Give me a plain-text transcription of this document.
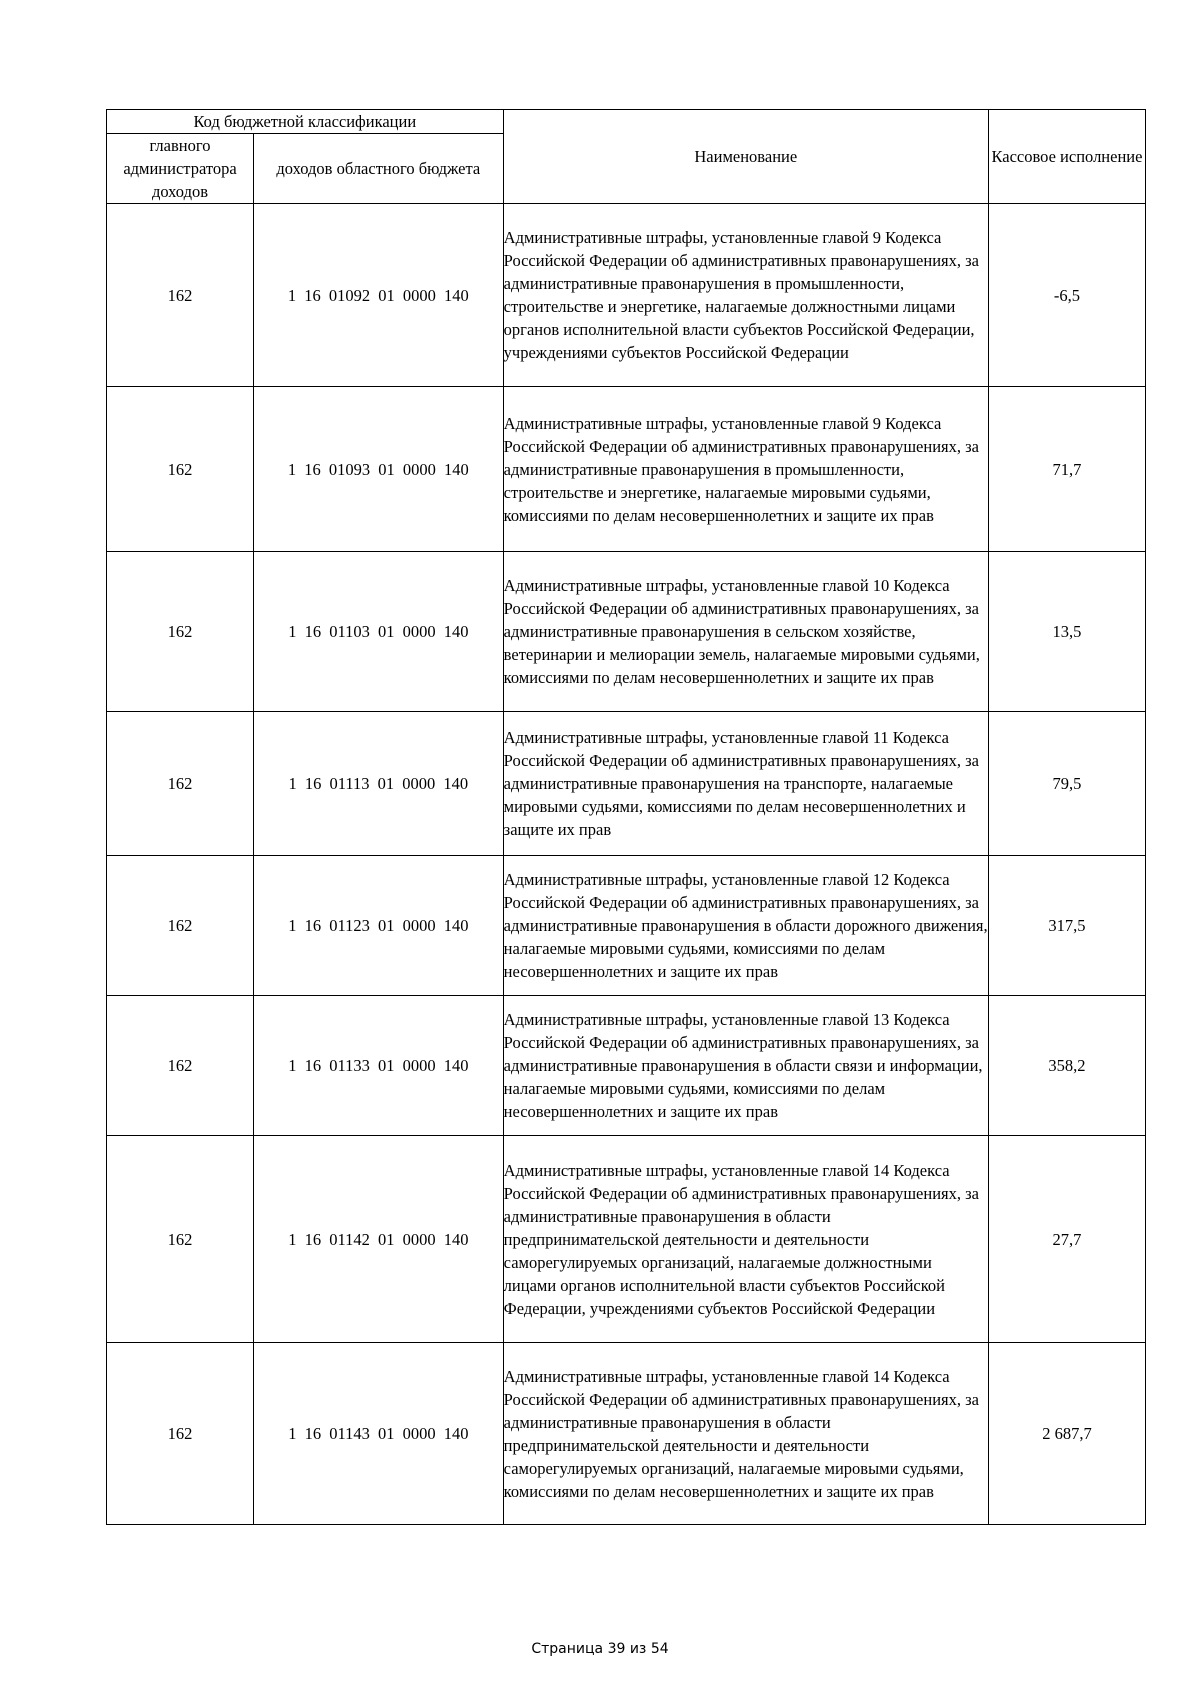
Код бюджетной классификации		Наименование	Кассовое исполнение
главного администратора доходов	доходов областного бюджета		
162	1 16 01092 01 0000 140	Административные штрафы, установленные главой 9 Кодекса Российской Федерации об административных правонарушениях, за административные правонарушения в промышленности, строительстве и энергетике, налагаемые должностными лицами органов исполнительной власти субъектов Российской Федерации, учреждениями субъектов Российской Федерации	-6,5
162	1 16 01093 01 0000 140	Административные штрафы, установленные главой 9 Кодекса Российской Федерации об административных правонарушениях, за административные правонарушения в промышленности, строительстве и энергетике, налагаемые мировыми судьями, комиссиями по делам несовершеннолетних и защите их прав	71,7
162	1 16 01103 01 0000 140	Административные штрафы, установленные главой 10 Кодекса Российской Федерации об административных правонарушениях, за административные правонарушения в сельском хозяйстве, ветеринарии и мелиорации земель, налагаемые мировыми судьями, комиссиями по делам несовершеннолетних и защите их прав	13,5
162	1 16 01113 01 0000 140	Административные штрафы, установленные главой 11 Кодекса Российской Федерации об административных правонарушениях, за административные правонарушения на транспорте, налагаемые мировыми судьями, комиссиями по делам несовершеннолетних и защите их прав	79,5
162	1 16 01123 01 0000 140	Административные штрафы, установленные главой 12 Кодекса Российской Федерации об административных правонарушениях, за административные правонарушения в области дорожного движения, налагаемые мировыми судьями, комиссиями по делам несовершеннолетних и защите их прав	317,5
162	1 16 01133 01 0000 140	Административные штрафы, установленные главой 13 Кодекса Российской Федерации об административных правонарушениях, за административные правонарушения в области связи и информации, налагаемые мировыми судьями, комиссиями по делам несовершеннолетних и защите их прав	358,2
162	1 16 01142 01 0000 140	Административные штрафы, установленные главой 14 Кодекса Российской Федерации об административных правонарушениях, за административные правонарушения в области предпринимательской деятельности и деятельности саморегулируемых организаций, налагаемые должностными лицами органов исполнительной власти субъектов Российской Федерации, учреждениями субъектов Российской Федерации	27,7
162	1 16 01143 01 0000 140	Административные штрафы, установленные главой 14 Кодекса Российской Федерации об административных правонарушениях, за административные правонарушения в области предпринимательской деятельности и деятельности саморегулируемых организаций, налагаемые мировыми судьями, комиссиями по делам несовершеннолетних и защите их прав	2 687,7
Страница 39 из 54
